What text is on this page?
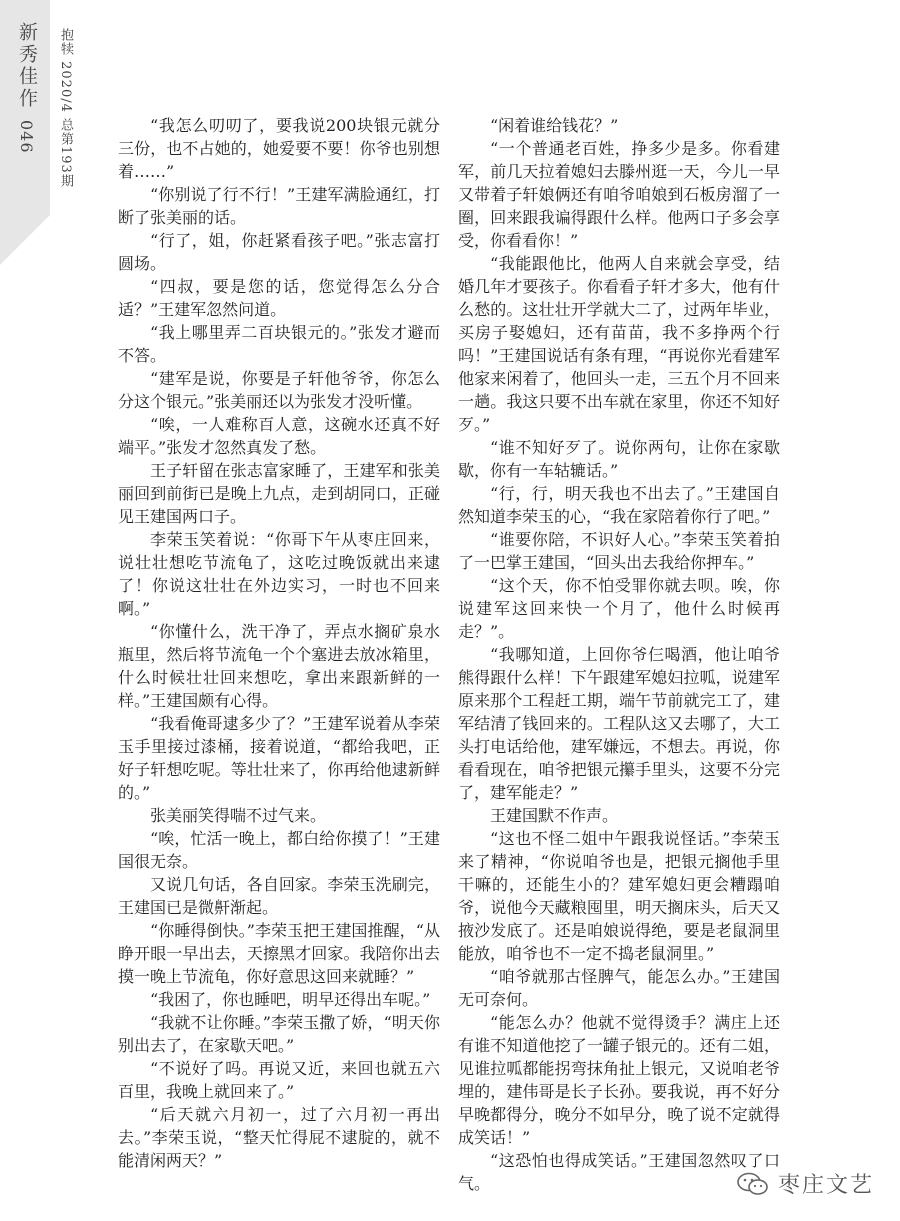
新秀佳作
046 抱犊 2020/4 总第193期	“我怎么叨叨了，要我说200块银元就分三份，也不占她的，她爱要不要！你爷也别想着……”

“你别说了行不行！”王建军满脸通红，打断了张美丽的话。

“行了，姐，你赶紧看孩子吧。”张志富打圆场。

“四叔，要是您的话，您觉得怎么分合适？”王建军忽然问道。

“我上哪里弄二百块银元的。”张发才避而不答。

“建军是说，你要是子轩他爷爷，你怎么分这个银元。”张美丽还以为张发才没听懂。

“唉，一人难称百人意，这碗水还真不好端平。”张发才忽然真发了愁。

王子轩留在张志富家睡了，王建军和张美丽回到前街已是晚上九点，走到胡同口，正碰见王建国两口子。

李荣玉笑着说：“你哥下午从枣庄回来，说壮壮想吃节流龟了，这吃过晚饭就出来逮了！你说这壮壮在外边实习，一时也不回来啊。”

“你懂什么，洗干净了，弄点水搁矿泉水瓶里，然后将节流龟一个个塞进去放冰箱里，什么时候壮壮回来想吃，拿出来跟新鲜的一样。”王建国颇有心得。

“我看俺哥逮多少了？”王建军说着从李荣玉手里接过漆桶，接着说道，“都给我吧，正好子轩想吃呢。等壮壮来了，你再给他逮新鲜的。”

张美丽笑得喘不过气来。

“唉，忙活一晚上，都白给你摸了！”王建国很无奈。

又说几句话，各自回家。李荣玉洗刷完，王建国已是微鼾渐起。

“你睡得倒快。”李荣玉把王建国推醒，“从睁开眼一早出去，天擦黑才回家。我陪你出去摸一晚上节流龟，你好意思这回来就睡？”

“我困了，你也睡吧，明早还得出车呢。”

“我就不让你睡。”李荣玉撒了娇，“明天你别出去了，在家歇天吧。”

“不说好了吗。再说又近，来回也就五六百里，我晚上就回来了。”

“后天就六月初一，过了六月初一再出去。”李荣玉说，“整天忙得屁不逮腚的，就不能清闲两天？”

“闲着谁给钱花？”

“一个普通老百姓，挣多少是多。你看建军，前几天拉着媳妇去滕州逛一天，今儿一早又带着子轩娘俩还有咱爷咱娘到石板房溜了一圈，回来跟我谝得跟什么样。他两口子多会享受，你看看你！”

“我能跟他比，他两人自来就会享受，结婚几年才要孩子。你看看子轩才多大，他有什么愁的。这壮壮开学就大二了，过两年毕业，买房子娶媳妇，还有苗苗，我不多挣两个行吗！”王建国说话有条有理，“再说你光看建军他家来闲着了，他回头一走，三五个月不回来一趟。我这只要不出车就在家里，你还不知好歹。”

“谁不知好歹了。说你两句，让你在家歇歇，你有一车轱辘话。”

“行，行，明天我也不出去了。”王建国自然知道李荣玉的心，“我在家陪着你行了吧。”

“谁要你陪，不识好人心。”李荣玉笑着拍了一巴掌王建国，“回头出去我给你押车。”

“这个天，你不怕受罪你就去呗。唉，你说建军这回来快一个月了，他什么时候再走？”。

“我哪知道，上回你爷仨喝酒，他让咱爷熊得跟什么样！下午跟建军媳妇拉呱，说建军原来那个工程赶工期，端午节前就完工了，建军结清了钱回来的。工程队这又去哪了，大工头打电话给他，建军嫌远，不想去。再说，你看看现在，咱爷把银元攥手里头，这要不分完了，建军能走？”

王建国默不作声。

“这也不怪二姐中午跟我说怪话。”李荣玉来了精神，“你说咱爷也是，把银元搁他手里干嘛的，还能生小的？建军媳妇更会糟蹋咱爷，说他今天藏粮囤里，明天搁床头，后天又掖沙发底了。还是咱娘说得绝，要是老鼠洞里能放，咱爷也不一定不捣老鼠洞里。”

“咱爷就那古怪脾气，能怎么办。”王建国无可奈何。

“能怎么办？他就不觉得烫手？满庄上还有谁不知道他挖了一罐子银元的。还有二姐，见谁拉呱都能拐弯抹角扯上银元，又说咱老爷埋的，建伟哥是长子长孙。要我说，再不好分早晚都得分，晚分不如早分，晚了说不定就得成笑话！”

“这恐怕也得成笑话。”王建国忽然叹了口气。	枣庄文艺
